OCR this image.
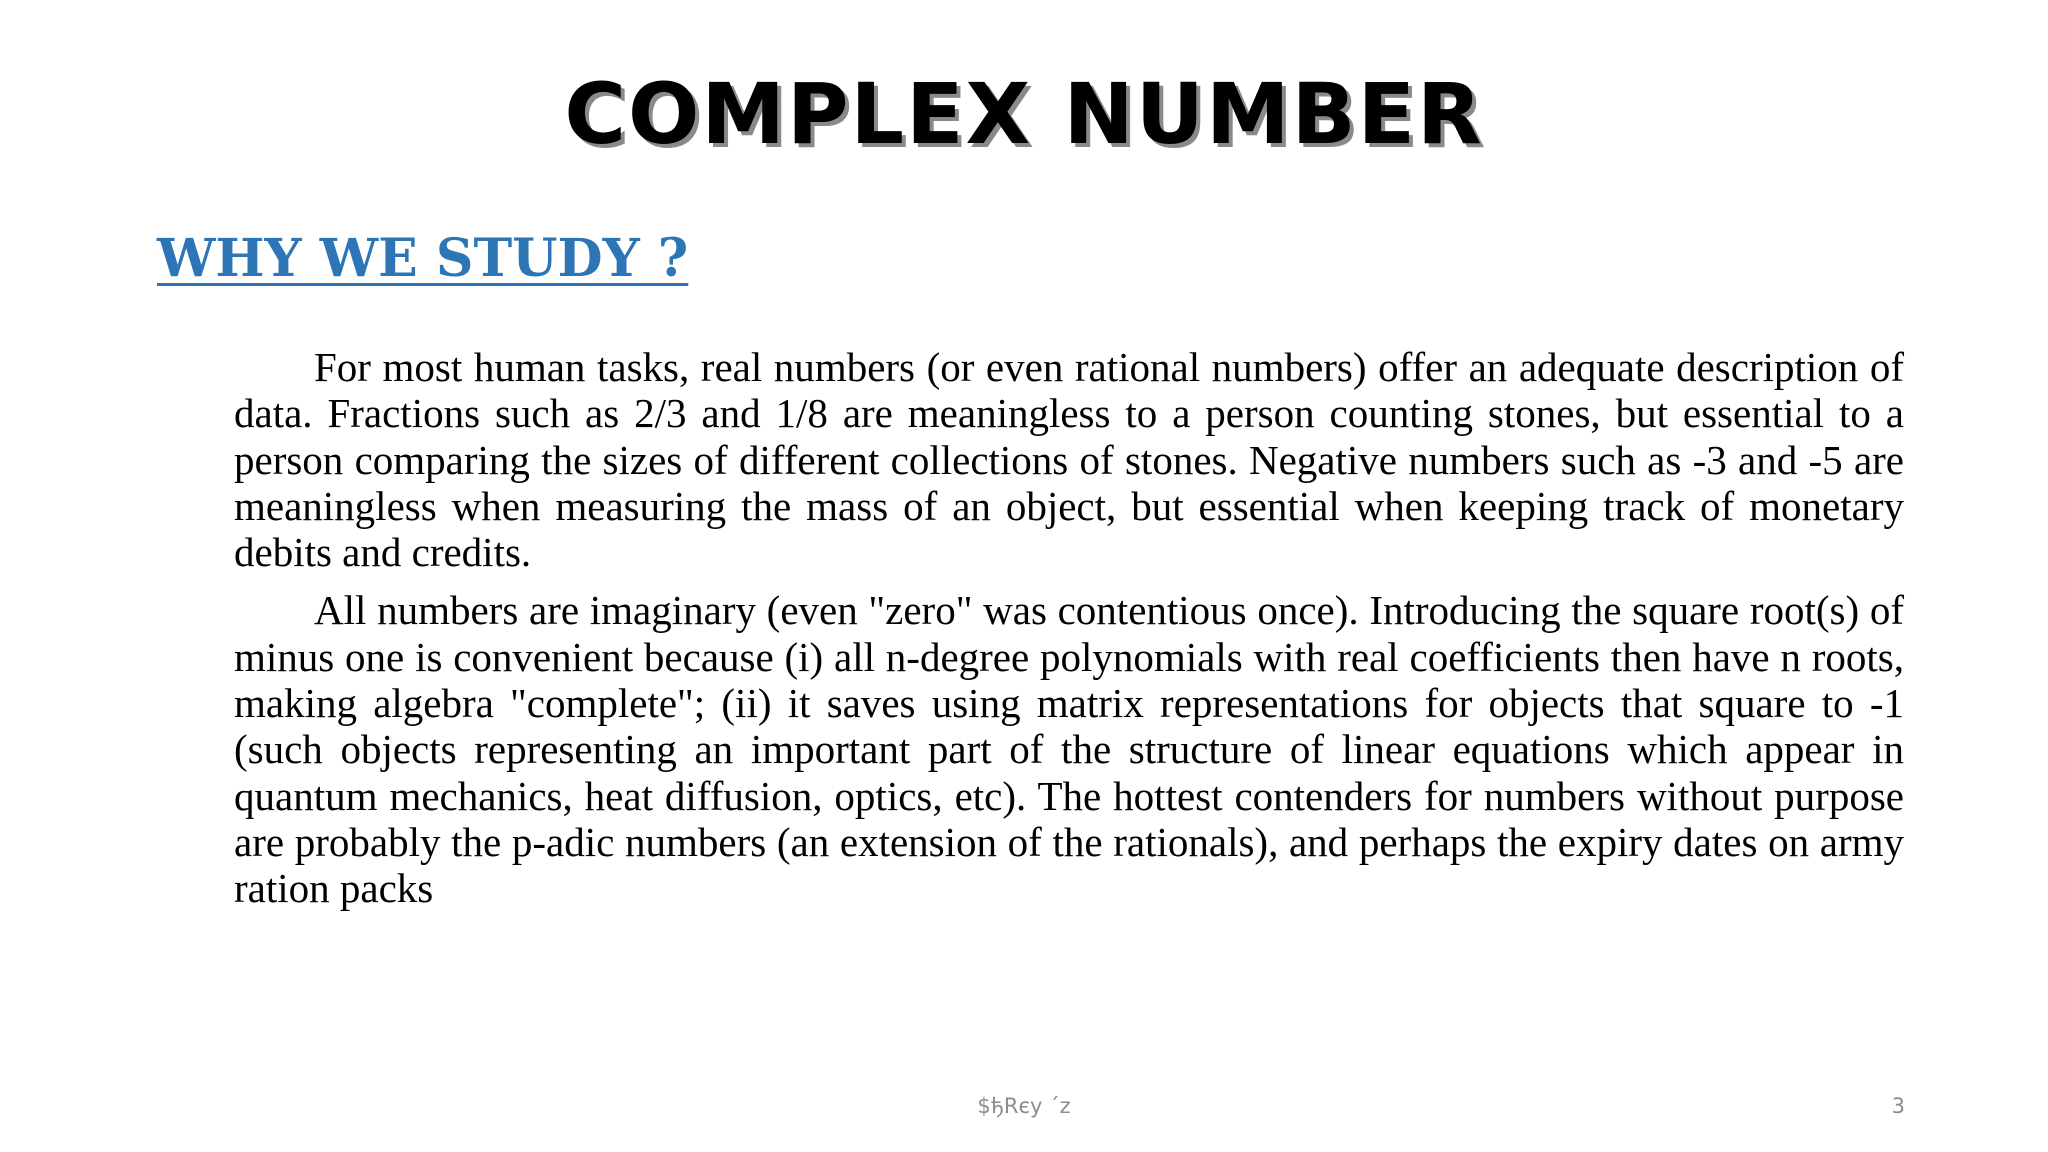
COMPLEX NUMBER
WHY WE STUDY ?

For most human tasks, real numbers (or even rational numbers) offer an adequate description of data. Fractions such as 2/3 and 1/8 are meaningless to a person counting stones, but essential to a person comparing the sizes of different collections of stones. Negative numbers such as -3 and -5 are meaningless when measuring the mass of an object, but essential when keeping track of monetary debits and credits.

All numbers are imaginary (even "zero" was contentious once). Introducing the square root(s) of minus one is convenient because (i) all n-degree polynomials with real coefficients then have n roots, making algebra "complete"; (ii) it saves using matrix representations for objects that square to -1 (such objects representing an important part of the structure of linear equations which appear in quantum mechanics, heat diffusion, optics, etc). The hottest contenders for numbers without purpose are probably the p-adic numbers (an extension of the rationals), and perhaps the expiry dates on army ration packs

$ђRєу ´z	3
